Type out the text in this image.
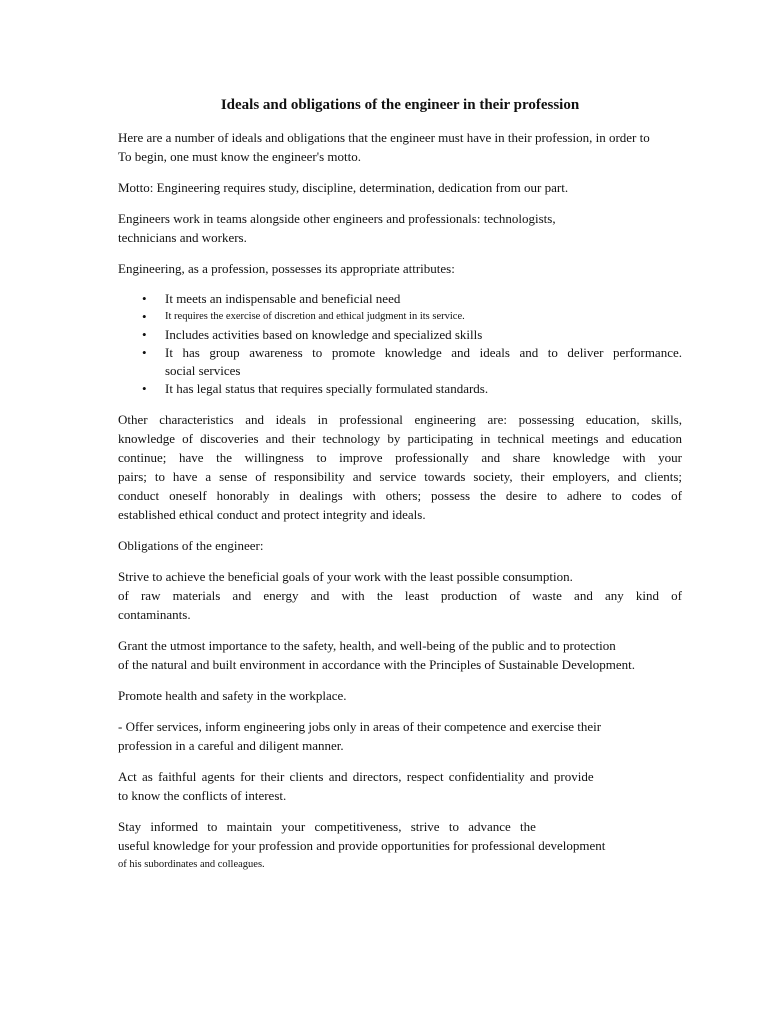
Ideals and obligations of the engineer in their profession

Here are a number of ideals and obligations that the engineer must have in their profession, in order to
To begin, one must know the engineer's motto.

Motto: Engineering requires study, discipline, determination, dedication from our part.

Engineers work in teams alongside other engineers and professionals: technologists,
technicians and workers.

Engineering, as a profession, possesses its appropriate attributes:

• It meets an indispensable and beneficial need
• It requires the exercise of discretion and ethical judgment in its service.
• Includes activities based on knowledge and specialized skills
• It has group awareness to promote knowledge and ideals and to deliver performance.
social services
• It has legal status that requires specially formulated standards.

Other characteristics and ideals in professional engineering are: possessing education, skills,
knowledge of discoveries and their technology by participating in technical meetings and education
continue; have the willingness to improve professionally and share knowledge with your
pairs; to have a sense of responsibility and service towards society, their employers, and clients;
conduct oneself honorably in dealings with others; possess the desire to adhere to codes of
established ethical conduct and protect integrity and ideals.

Obligations of the engineer:

Strive to achieve the beneficial goals of your work with the least possible consumption.
of raw materials and energy and with the least production of waste and any kind of
contaminants.

Grant the utmost importance to the safety, health, and well-being of the public and to protection
of the natural and built environment in accordance with the Principles of Sustainable Development.

Promote health and safety in the workplace.

- Offer services, inform engineering jobs only in areas of their competence and exercise their
profession in a careful and diligent manner.

Act as faithful agents for their clients and directors, respect confidentiality and provide
to know the conflicts of interest.

Stay informed to maintain your competitiveness, strive to advance the
useful knowledge for your profession and provide opportunities for professional development
of his subordinates and colleagues.
